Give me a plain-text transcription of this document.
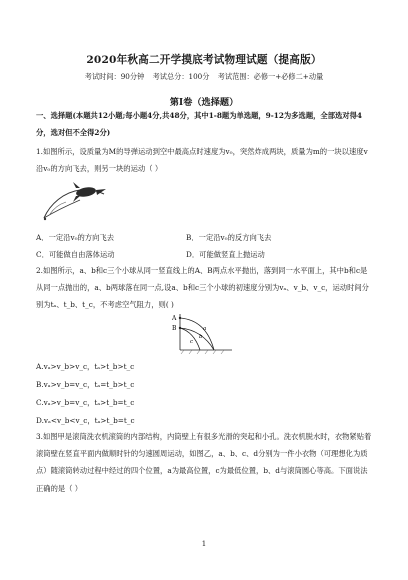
2020年秋高二开学摸底考试物理试题（提高版）
考试时间：90分钟 考试总分：100分 考试范围：必修一+必修二+动量
第I卷（选择题）
一、选择题(本题共12小题;每小题4分,共48分，其中1-8题为单选题，9-12为多选题，全部选对得4分，选对但不全得2分)
1.如图所示，设质量为M的导弹运动到空中最高点时速度为v₀，突然炸成两块，质量为m的一块以速度v沿v₀的方向飞去，则另一块的运动（ ）
A．一定沿v₀的方向飞去	B．一定沿v₀的反方向飞去
C．可能做自由落体运动	D．可能做竖直上抛运动
2.如图所示，a、b和c三个小球从同一竖直线上的A、B两点水平抛出，落到同一水平面上，其中b和c是从同一点抛出的，a、b两球落在同一点,设a、b和c三个小球的初速度分别为vₐ、v_b、v_c，运动时间分别为tₐ、t_b、t_c，不考虑空气阻力，则( )
A
B	a
b
c
A.vₐ>v_b>v_c，tₐ>t_b>t_c
B.vₐ>v_b=v_c，tₐ=t_b>t_c
C.vₐ>v_b=v_c，tₐ>t_b=t_c
D.vₐ<v_b<v_c，tₐ>t_b=t_c
3.如图甲是滚筒洗衣机滚筒的内部结构，内筒壁上有很多光滑的突起和小孔。洗衣机脱水时，衣物紧贴着滚筒壁在竖直平面内做顺时针的匀速圆周运动，如图乙，a、b、c、d分别为一件小衣物（可理想化为质点）随滚筒转动过程中经过的四个位置，a为最高位置，c为最低位置，b、d与滚筒圆心等高。下面说法正确的是（ ）
1
